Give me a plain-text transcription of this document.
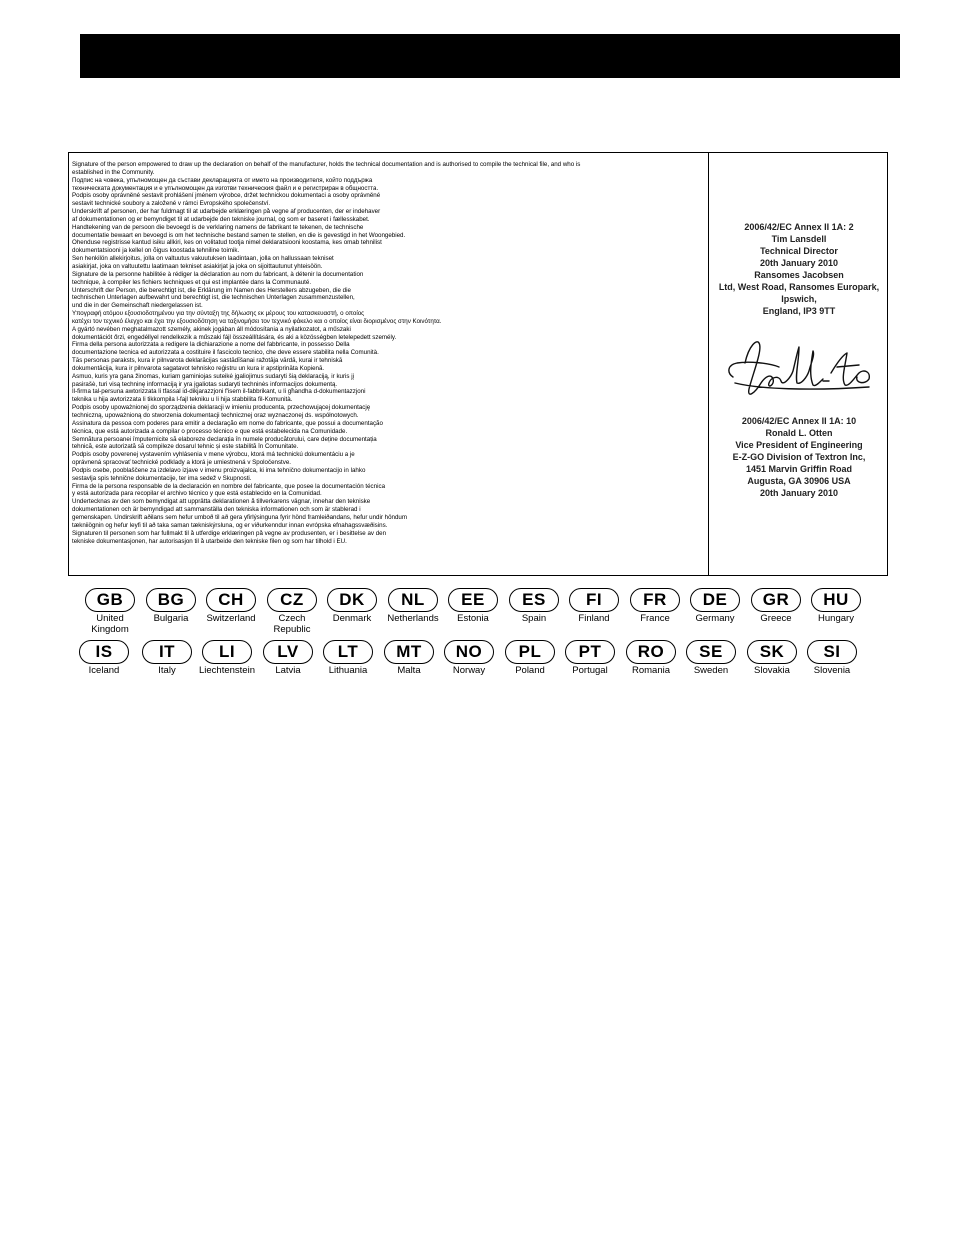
Signature of the person empowered to draw up the declaration on behalf of the manufacturer, holds the technical documentation and is authorised to compile the technical file, and who is
established in the Community.
Подпис на човека, упълномощен да състави декларацията от името на производителя, който поддържа
техническата документация и е упълномощен да изготви техническия файл и е регистриран в общността.
Podpis osoby oprávněné sestavit prohlášení jménem výrobce, držet technickou dokumentaci a osoby oprávněné
sestavit technické soubory a založené v rámci Evropského společenství.
Underskrift af personen, der har fuldmagt til at udarbejde erklæringen på vegne af producenten, der er indehaver
af dokumentationen og er bemyndiget til at udarbejde den tekniske journal, og som er baseret i fællesskabet.
Handtekening van de persoon die bevoegd is de verklaring namens de fabrikant te tekenen, de technische
documentatie bewaart en bevoegd is om het technische bestand samen te stellen, en die is gevestigd in het Woongebied.
Õhenduse registrisse kantud isiku allkiri, kes on volitatud tootja nimel deklaratsiooni koostama, kes omab tehnilist
dokumentatsiooni ja kellel on õigus koostada tehniline toimik.
Sen henkilön allekirjoitus, jolla on valtuutus vakuutuksen laadintaan, jolla on hallussaan tekniset
asiakirjat, joka on valtuutettu laatimaan tekniset asiakirjat ja joka on sijoittautunut yhteisöön.
Signature de la personne habilitée à rédiger la déclaration au nom du fabricant, à détenir la documentation
technique, à compiler les fichiers techniques et qui est implantée dans la Communauté.
Unterschrift der Person, die berechtigt ist, die Erklärung im Namen des Herstellers abzugeben, die die
technischen Unterlagen aufbewahrt und berechtigt ist, die technischen Unterlagen zusammenzustellen,
und die in der Gemeinschaft niedergelassen ist.
Υπογραφή ατόμου εξουσιοδοτημένου για την σύνταξη της δήλωσης εκ μέρους του κατασκευαστή, ο οποίος
κατέχει τον τεχνικό έλεγχο και έχει την εξουσιοδότηση να ταξινομήσει τον τεχνικό φάκελο και ο οποίος είναι διορισμένος στην Κοινότητα.
A gyártó nevében meghatalmazott személy, akinek jogában áll módosítania a nyilatkozatot, a műszaki
dokumentációt őrzi, engedéllyel rendelkezik a műszaki fájl összeállítására, és aki a közösségben letelepedett személy.
Firma della persona autorizzata a redigere la dichiarazione a nome del fabbricante, in possesso Della
documentazione tecnica ed autorizzata a costituire il fascicolo tecnico, che deve essere stabilita nella Comunità.
Tās personas paraksts, kura ir pilnvarota deklarācijas sastādīšanai ražotāja vārdā, kurai ir tehniskā
dokumentācija, kura ir pilnvarota sagatavot tehnisko reģistru un kura ir apstiprināta Kopienā.
Asmuo, kuris yra gana žinomas, kuriam gaminiojas suteikė įgaliojimus sudaryti šią deklaraciją, ir kuris jį
pasirašė, turi visą techninę informaciją ir yra įgaliotas sudaryti techninės informacijos dokumentą.
Il-firma tal-persuna awtorizzata li tfassal id-dikjarazzjoni f'isem il-fabbrikant, u li għandha d-dokumentazzjoni
teknika u hija awtorizzata li tikkompila l-fajl tekniku u li hija stabbilita fil-Komunità.
Podpis osoby upoważnionej do sporządzenia deklaracji w imieniu producenta, przechowującej dokumentację
techniczną, upoważnioną do stworzenia dokumentacji technicznej oraz wyznaczonej ds. współnotowych.
Assinatura da pessoa com poderes para emitir a declaração em nome do fabricante, que possui a documentação
técnica, que está autorizada a compilar o processo técnico e que está estabelecida na Comunidade.
Semnătura persoanei împuternicite să elaboreze declarația în numele producătorului, care deține documentația
tehnică, este autorizată să compileze dosarul tehnic și este stabilită în Comunitate.
Podpis osoby poverenej vystavením vyhlásenia v mene výrobcu, ktorá má technickú dokumentáciu a je
oprávnená spracovať technické podklady a ktorá je umiestnená v Spoločenstve.
Podpis osebe, pooblaščene za izdelavo izjave v imenu proizvajalca, ki ima tehnično dokumentacijo in lahko
sestavlja spis tehnične dokumentacije, ter ima sedež v Skupnosti.
Firma de la persona responsable de la declaración en nombre del fabricante, que posee la documentación técnica
y está autorizada para recopilar el archivo técnico y que está establecido en la Comunidad.
Undertecknas av den som bemyndigat att upprätta deklarationen å tillverkarens vägnar, innehar den tekniske
dokumentationen och är bemyndigad att sammanställa den tekniska informationen och som är stablerad i
gemenskapen. Undirskrift aðilans sem hefur umboð til að gera yfirlýsinguna fyrir hönd framleiðandans, hefur undir höndum
tækniiögnin og hefur leyfi til að taka saman tækniskýrsluna, og er viðurkenndur innan evrópska efnahagssvæðisins.
Signaturen til personen som har fullmakt til å utferdige erklæringen på vegne av produsenten, er i besittelse av den
tekniske dokumentasjonen, har autorisasjon til å utarbeide den tekniske filen og som har tilhold i EU.
2006/42/EC Annex II 1A: 2
Tim Lansdell
Technical Director
20th January 2010
Ransomes Jacobsen
Ltd, West Road, Ransomes Europark,
Ipswich,
England, IP3 9TT
2006/42/EC Annex II 1A: 10
Ronald L. Otten
Vice President of Engineering
E-Z-GO Division of Textron Inc,
1451 Marvin Griffin Road
Augusta, GA 30906 USA
20th January 2010
GB
United
Kingdom
BG
Bulgaria
CH
Switzerland
CZ
Czech
Republic
DK
Denmark
NL
Netherlands
EE
Estonia
ES
Spain
FI
Finland
FR
France
DE
Germany
GR
Greece
HU
Hungary
IS
Iceland
IT
Italy
LI
Liechtenstein
LV
Latvia
LT
Lithuania
MT
Malta
NO
Norway
PL
Poland
PT
Portugal
RO
Romania
SE
Sweden
SK
Slovakia
SI
Slovenia
